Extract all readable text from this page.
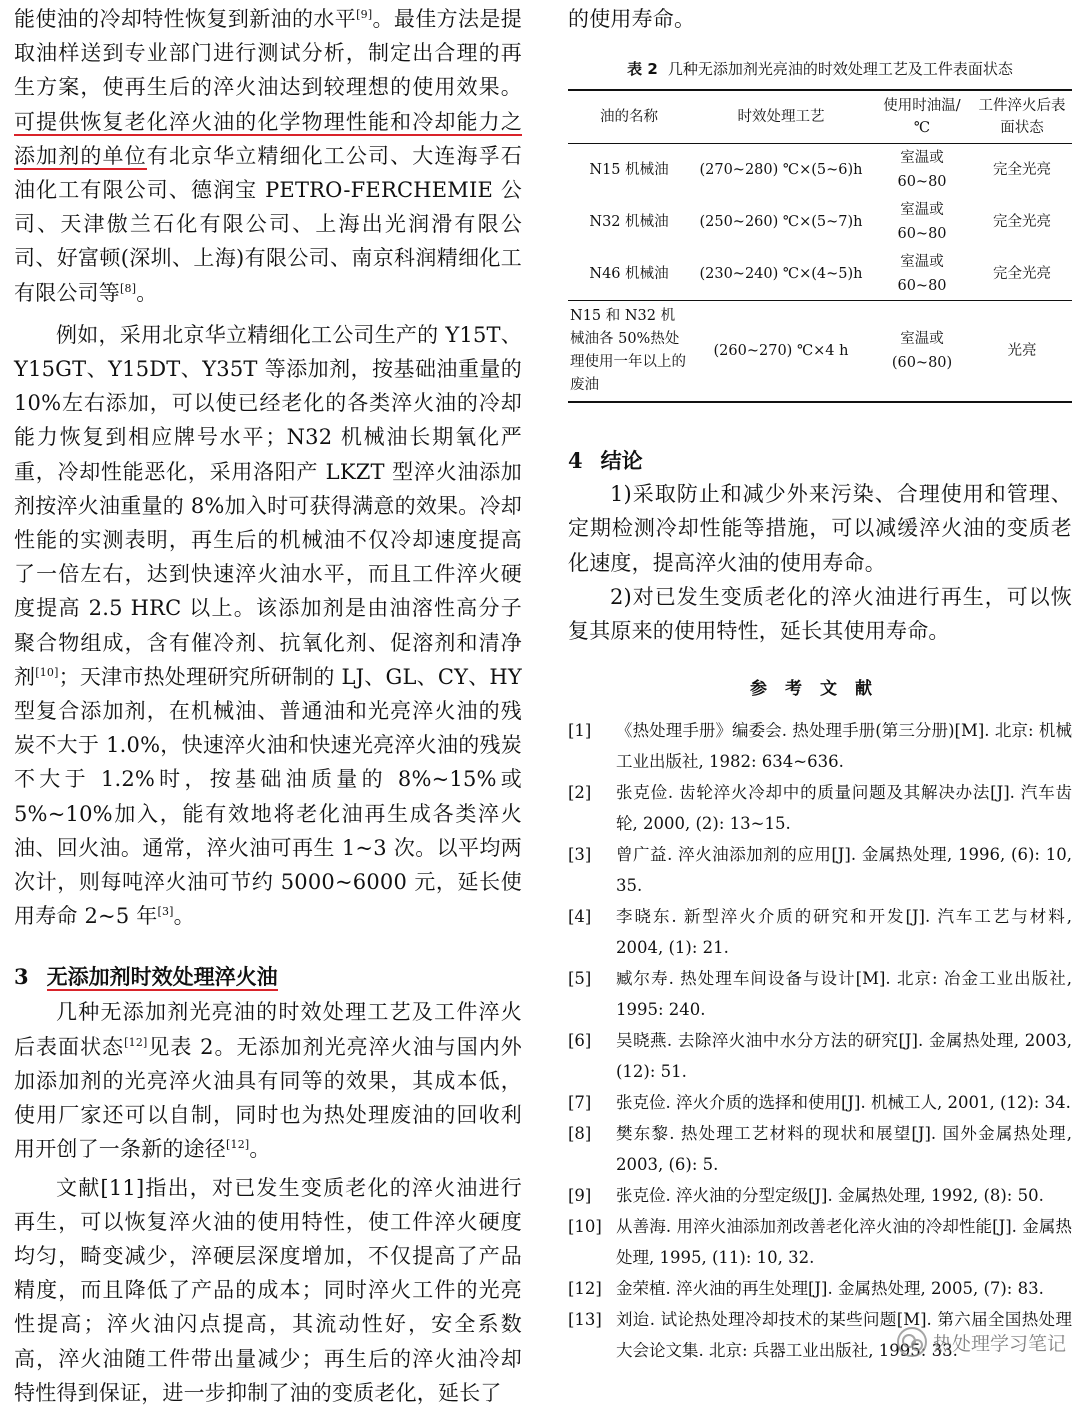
能使油的冷却特性恢复到新油的水平[9]。最佳方法是提取油样送到专业部门进行测试分析，制定出合理的再生方案，使再生后的淬火油达到较理想的使用效果。可提供恢复老化淬火油的化学物理性能和冷却能力之添加剂的单位有北京华立精细化工公司、大连海孚石油化工有限公司、德润宝 PETRO-FERCHEMIE 公司、天津傲兰石化有限公司、上海出光润滑有限公司、好富顿(深圳、上海)有限公司、南京科润精细化工有限公司等[8]。

例如，采用北京华立精细化工公司生产的 Y15T、Y15GT、Y15DT、Y35T 等添加剂，按基础油重量的 10%左右添加，可以使已经老化的各类淬火油的冷却能力恢复到相应牌号水平；N32 机械油长期氧化严重，冷却性能恶化，采用洛阳产 LKZT 型淬火油添加剂按淬火油重量的 8%加入时可获得满意的效果。冷却性能的实测表明，再生后的机械油不仅冷却速度提高了一倍左右，达到快速淬火油水平，而且工件淬火硬度提高 2.5 HRC 以上。该添加剂是由油溶性高分子聚合物组成，含有催冷剂、抗氧化剂、促溶剂和清净剂[10]；天津市热处理研究所研制的 LJ、GL、CY、HY 型复合添加剂，在机械油、普通油和光亮淬火油的残炭不大于 1.0%，快速淬火油和快速光亮淬火油的残炭不大于 1.2%时，按基础油质量的 8%~15%或 5%~10%加入，能有效地将老化油再生成各类淬火油、回火油。通常，淬火油可再生 1~3 次。以平均两次计，则每吨淬火油可节约 5000~6000 元，延长使用寿命 2~5 年[3]。

3 无添加剂时效处理淬火油

几种无添加剂光亮油的时效处理工艺及工件淬火后表面状态[12]见表 2。无添加剂光亮淬火油与国内外加添加剂的光亮淬火油具有同等的效果，其成本低，使用厂家还可以自制，同时也为热处理废油的回收利用开创了一条新的途径[12]。

文献[11]指出，对已发生变质老化的淬火油进行再生，可以恢复淬火油的使用特性，使工件淬火硬度均匀，畸变减少，淬硬层深度增加，不仅提高了产品精度，而且降低了产品的成本；同时淬火工件的光亮性提高；淬火油闪点提高，其流动性好，安全系数高，淬火油随工件带出量减少；再生后的淬火油冷却特性得到保证，进一步抑制了油的变质老化，延长了

的使用寿命。

表 2 几种无添加剂光亮油的时效处理工艺及工件表面状态
油的名称	时效处理工艺	使用时油温/ ℃	工件淬火后表面状态
N15 机械油	(270~280) ℃×(5~6)h	室温或 60~80	完全光亮
N32 机械油	(250~260) ℃×(5~7)h	室温或 60~80	完全光亮
N46 机械油	(230~240) ℃×(4~5)h	室温或 60~80	完全光亮
N15 和 N32 机械油各 50%热处理使用一年以上的废油	(260~270) ℃×4 h	室温或(60~80)	光亮

4 结论

1)采取防止和减少外来污染、合理使用和管理、定期检测冷却性能等措施，可以减缓淬火油的变质老化速度，提高淬火油的使用寿命。

2)对已发生变质老化的淬火油进行再生，可以恢复其原来的使用特性，延长其使用寿命。

参考文献
[1]	《热处理手册》编委会. 热处理手册(第三分册)[M]. 北京: 机械工业出版社, 1982: 634~636.
[2]	张克俭. 齿轮淬火冷却中的质量问题及其解决办法[J]. 汽车齿轮, 2000, (2): 13~15.
[3]	曾广益. 淬火油添加剂的应用[J]. 金属热处理, 1996, (6): 10, 35.
[4]	李晓东. 新型淬火介质的研究和开发[J]. 汽车工艺与材料, 2004, (1): 21.
[5]	臧尔寿. 热处理车间设备与设计[M]. 北京: 冶金工业出版社, 1995: 240.
[6]	吴晓燕. 去除淬火油中水分方法的研究[J]. 金属热处理, 2003, (12): 51.
[7]	张克俭. 淬火介质的选择和使用[J]. 机械工人, 2001, (12): 34.
[8]	樊东黎. 热处理工艺材料的现状和展望[J]. 国外金属热处理, 2003, (6): 5.
[9]	张克俭. 淬火油的分型定级[J]. 金属热处理, 1992, (8): 50.
[10] 从善海. 用淬火油添加剂改善老化淬火油的冷却性能[J]. 金属热处理, 1995, (11): 10, 32.
[12] 金荣植. 淬火油的再生处理[J]. 金属热处理, 2005, (7): 83.
[13] 刘迨. 试论热处理冷却技术的某些问题[M]. 第六届全国热处理大会论文集. 北京: 兵器工业出版社, 1995: 33.
热处理学习笔记
